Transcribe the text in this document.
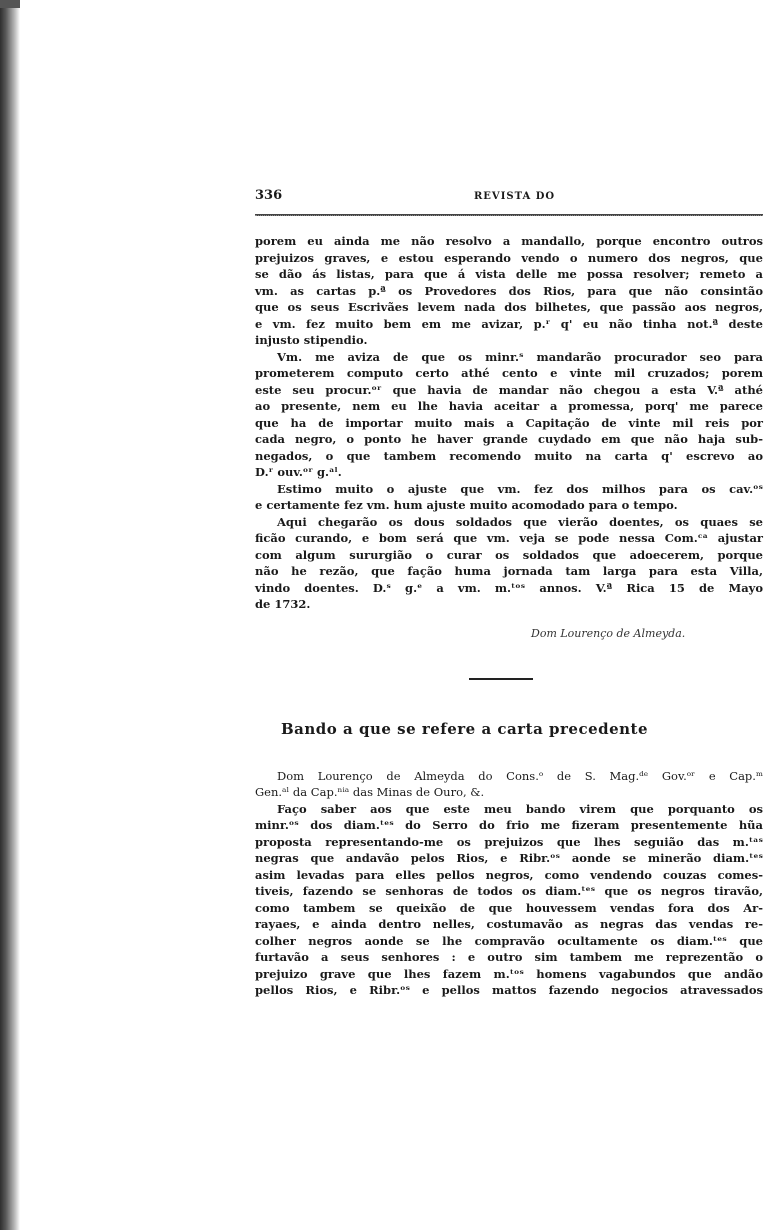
336	REVISTA DO

porem eu ainda me não resolvo a mandallo, porque encontro outros
prejuizos graves, e estou esperando vendo o numero dos negros, que
se dão ás listas, para que á vista delle me possa resolver; remeto a
vm. as cartas p.ª os Provedores dos Rios, para que não consintão
que os seus Escrivães levem nada dos bilhetes, que passão aos negros,
e vm. fez muito bem em me avizar, p.ʳ q' eu não tinha not.ª deste
injusto stipendio.

Vm. me aviza de que os minr.ˢ mandarão procurador seo para
prometerem computo certo athé cento e vinte mil cruzados; porem
este seu procur.ᵒʳ que havia de mandar não chegou a esta V.ª athé
ao presente, nem eu lhe havia aceitar a promessa, porq' me parece
que ha de importar muito mais a Capitação de vinte mil reis por
cada negro, o ponto he haver grande cuydado em que não haja sub-
negados, o que tambem recomendo muito na carta q' escrevo ao
D.ʳ ouv.ᵒʳ g.ᵃˡ.

Estimo muito o ajuste que vm. fez dos milhos para os cav.ᵒˢ
e certamente fez vm. hum ajuste muito acomodado para o tempo.

Aqui chegarão os dous soldados que vierão doentes, os quaes se
ficão curando, e bom será que vm. veja se pode nessa Com.ᶜᵃ ajustar
com algum sururgião o curar os soldados que adoecerem, porque
não he rezão, que fação huma jornada tam larga para esta Villa,
vindo doentes. D.ˢ g.ᵉ a vm. m.ᵗᵒˢ annos. V.ª Rica 15 de Mayo
de 1732.

Dom Lourenço de Almeyda.
Bando a que se refere a carta precedente

Dom Lourenço de Almeyda do Cons.ᵒ de S. Mag.ᵈᵉ Gov.ᵒʳ e Cap.ᵐ
Gen.ᵃˡ da Cap.ⁿⁱᵃ das Minas de Ouro, &.

Faço saber aos que este meu bando virem que porquanto os
minr.ᵒˢ dos diam.ᵗᵉˢ do Serro do frio me fizeram presentemente hũa
proposta representando-me os prejuizos que lhes seguião das m.ᵗᵃˢ
negras que andavão pelos Rios, e Ribr.ᵒˢ aonde se minerão diam.ᵗᵉˢ
asim levadas para elles pellos negros, como vendendo couzas comes-
tiveis, fazendo se senhoras de todos os diam.ᵗᵉˢ que os negros tiravão,
como tambem se queixão de que houvessem vendas fora dos Ar-
rayaes, e ainda dentro nelles, costumavão as negras das vendas re-
colher negros aonde se lhe compravão ocultamente os diam.ᵗᵉˢ que
furtavão a seus senhores : e outro sim tambem me reprezentão o
prejuizo grave que lhes fazem m.ᵗᵒˢ homens vagabundos que andão
pellos Rios, e Ribr.ᵒˢ e pellos mattos fazendo negocios atravessados
